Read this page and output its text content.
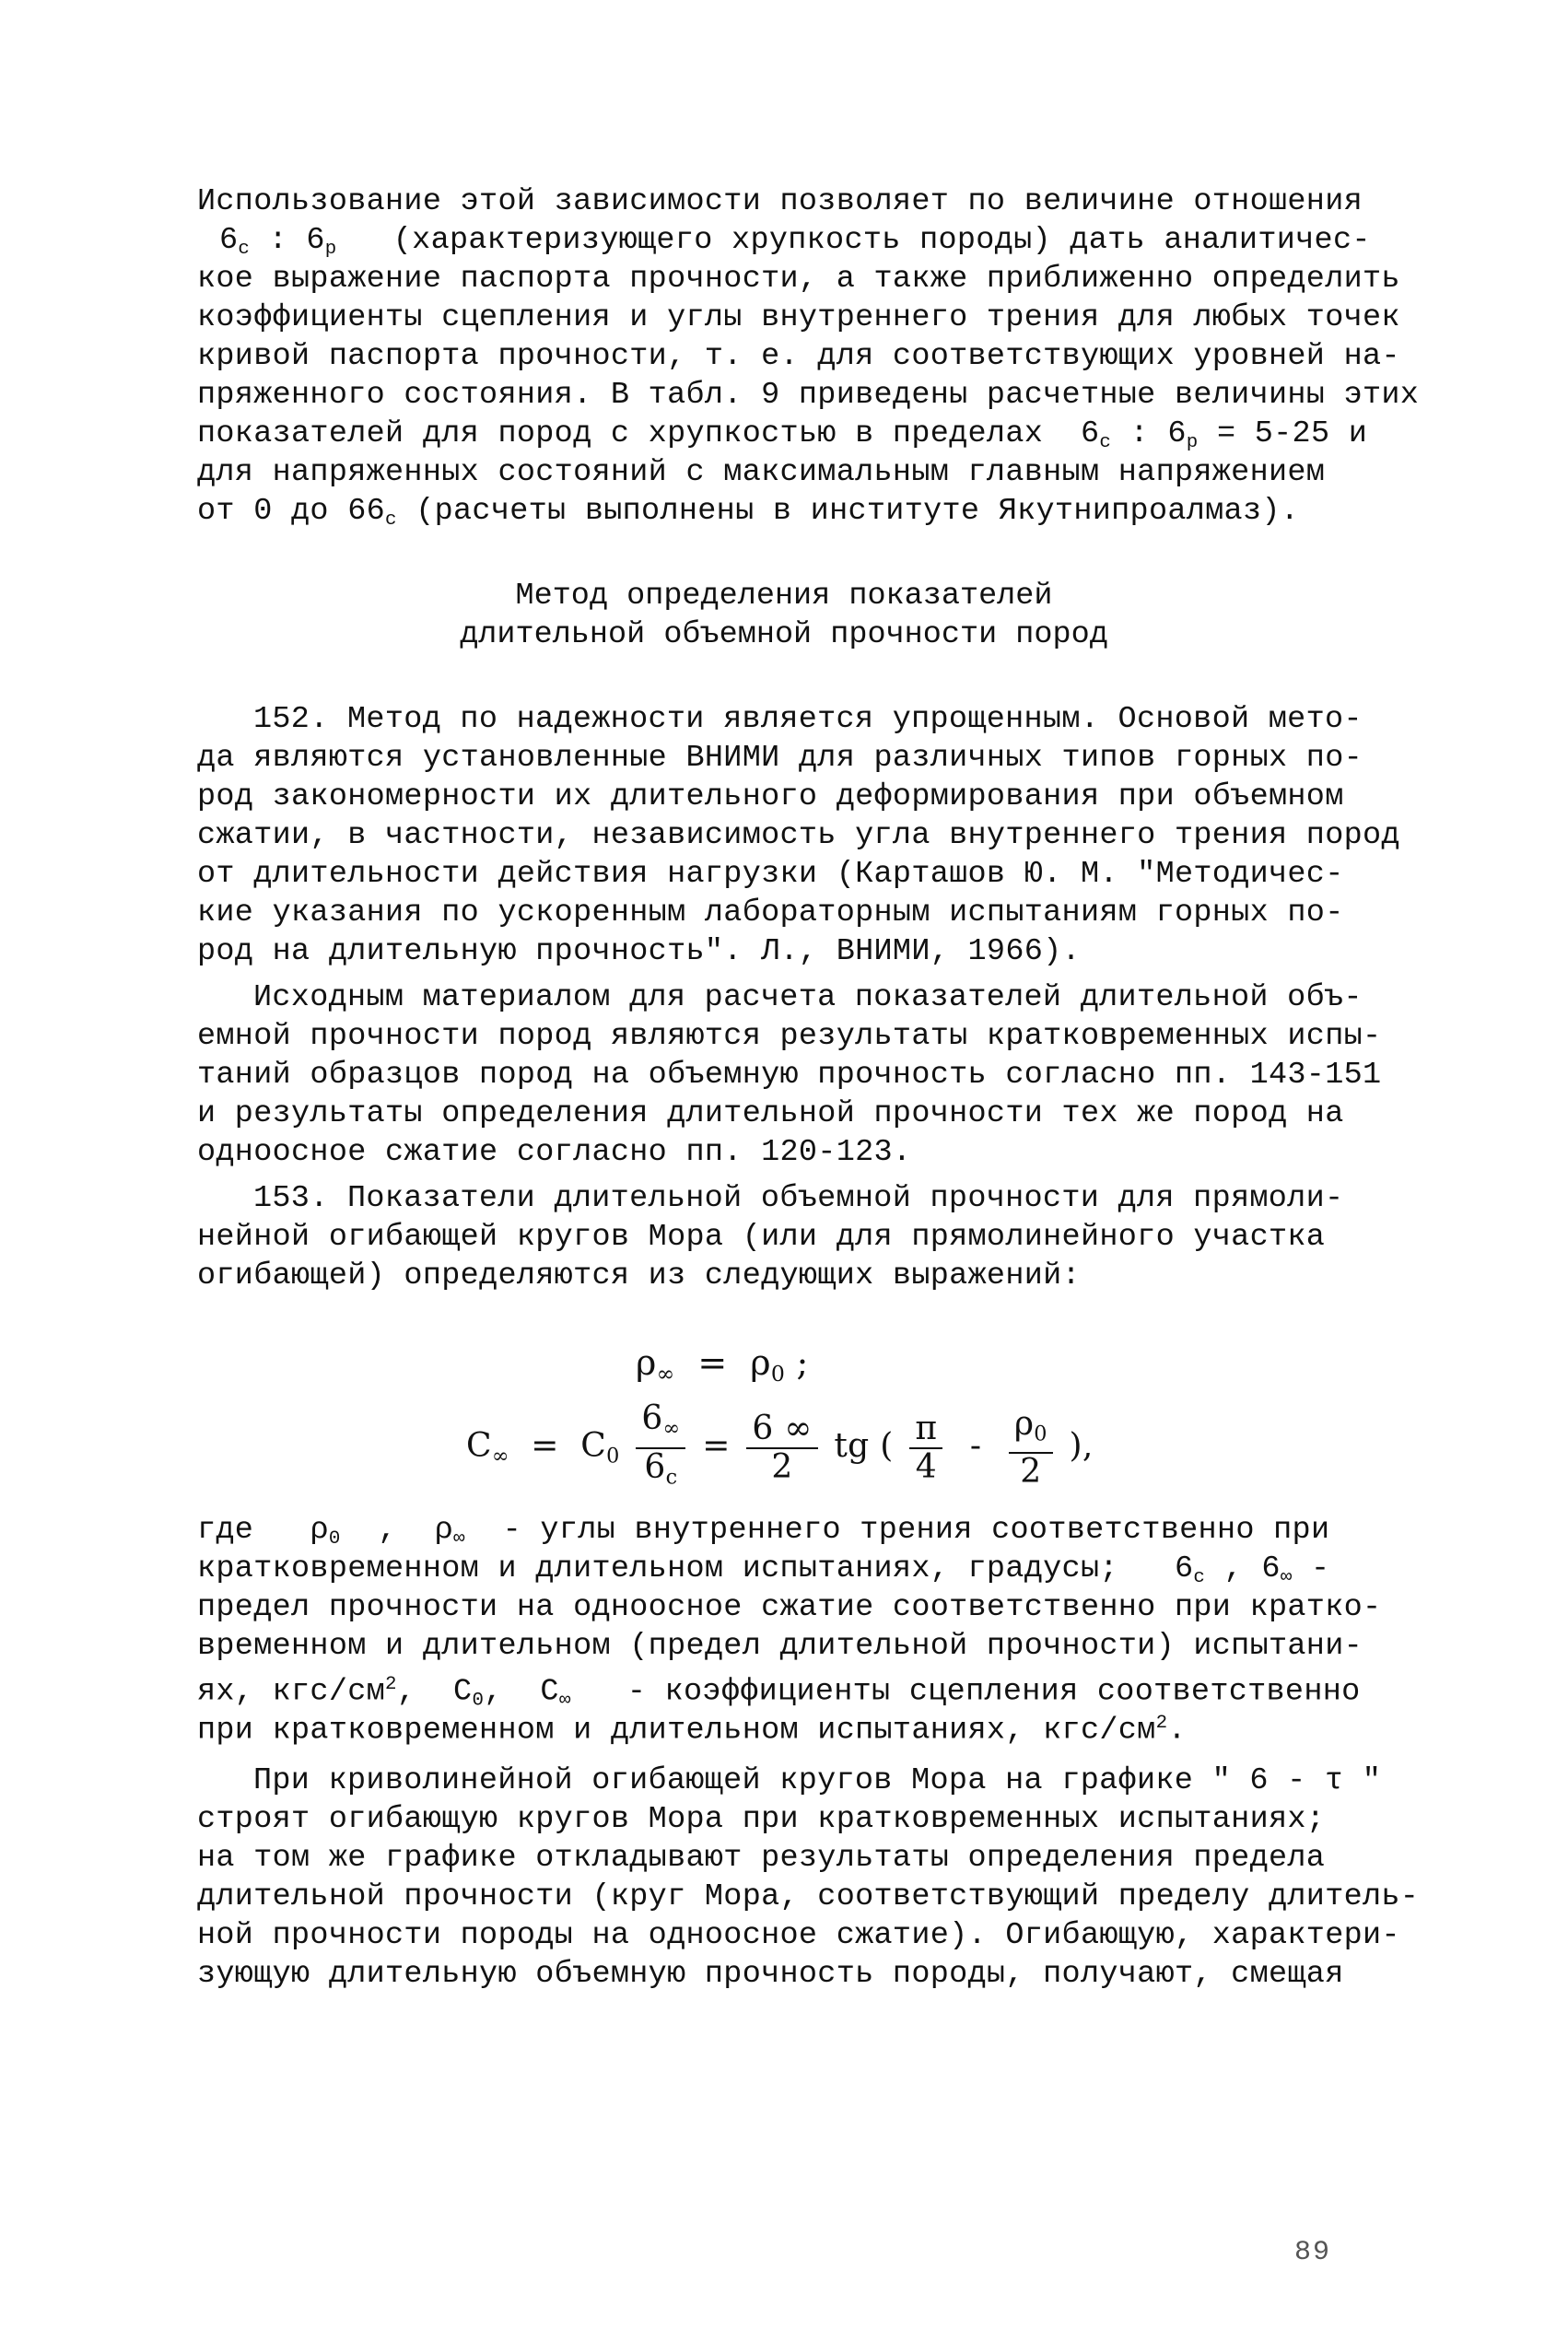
Использование этой зависимости позволяет по величине отношения
$6_c$ : $6_p$ (характеризующего хрупкость породы) дать аналитичес-
кое выражение паспорта прочности, а также приближенно определить
коэффициенты сцепления и углы внутреннего трения для любых точек
кривой паспорта прочности, т. е. для соответствующих уровней на-
пряженного состояния. В табл. 9 приведены расчетные величины этих
показателей для пород с хрупкостью в пределах $6_c$ : $6_p = 5-25$ и
для напряженных состояний с максимальным главным напряжением
от 0 до $66_c$ (расчеты выполнены в институте Якутнипроалмаз).
Метод определения показателей
длительной объемной прочности пород
152. Метод по надежности является упрощенным. Основой мето-
да являются установленные ВНИМИ для различных типов горных по-
род закономерности их длительного деформирования при объемном
сжатии, в частности, независимость угла внутреннего трения пород
от длительности действия нагрузки (Карташов Ю. М. "Методичес-
кие указания по ускоренным лабораторным испытаниям горных по-
род на длительную прочность". Л., ВНИМИ, 1966).
Исходным материалом для расчета показателей длительной объ-
емной прочности пород являются результаты кратковременных испы-
таний образцов пород на объемную прочность согласно пп. 143-151
и результаты определения длительной прочности тех же пород на
одноосное сжатие согласно пп. 120-123.
153. Показатели длительной объемной прочности для прямоли-
нейной огибающей кругов Мора (или для прямолинейного участка
огибающей) определяются из следующих выражений:
$\rho_\infty = \rho_0$ ;
$C_\infty = C_0 \frac{6_\infty}{6_c} = \frac{6 \infty}{2}$ tg ( $\frac{\pi}{4} - \frac{\rho_0}{2}$ ),
где $\rho_0$ , $\rho_\infty$ - углы внутреннего трения соответственно при
кратковременном и длительном испытаниях, градусы; $6_c$ , $6_\infty$ -
предел прочности на одноосное сжатие соответственно при кратко-
временном и длительном (предел длительной прочности) испытани-
ях, кгс/$см^2$, $C_0$,  $C_\infty$ - коэффициенты сцепления соответственно
при кратковременном и длительном испытаниях, кгс/$см^2$.
При криволинейной огибающей кругов Мора на графике " 6 - τ "
строят огибающую кругов Мора при кратковременных испытаниях;
на том же графике откладывают результаты определения предела
длительной прочности (круг Мора, соответствующий пределу длитель-
ной прочности породы на одноосное сжатие). Огибающую, характери-
зующую длительную объемную прочность породы, получают, смещая
89
